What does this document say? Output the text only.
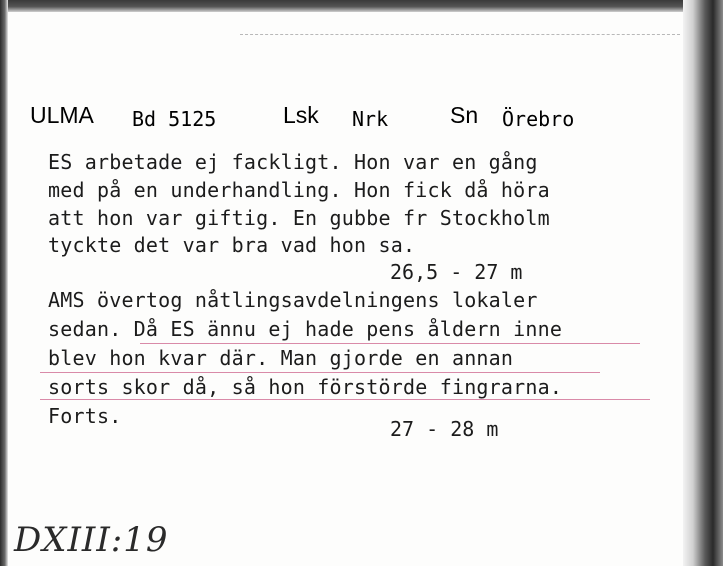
ULMA Bd 5125	Lsk Nrk	Sn Örebro
ES arbetade ej fackligt. Hon var en gång
med på en underhandling. Hon fick då höra
att hon var giftig. En gubbe fr Stockholm
tyckte det var bra vad hon sa.
26,5 - 27 m
AMS övertog nåtlingsavdelningens lokaler
sedan. Då ES ännu ej hade pens åldern inne
blev hon kvar där. Man gjorde en annan
sorts skor då, så hon förstörde fingrarna.
Forts.
27 - 28 m
DXIII:19
